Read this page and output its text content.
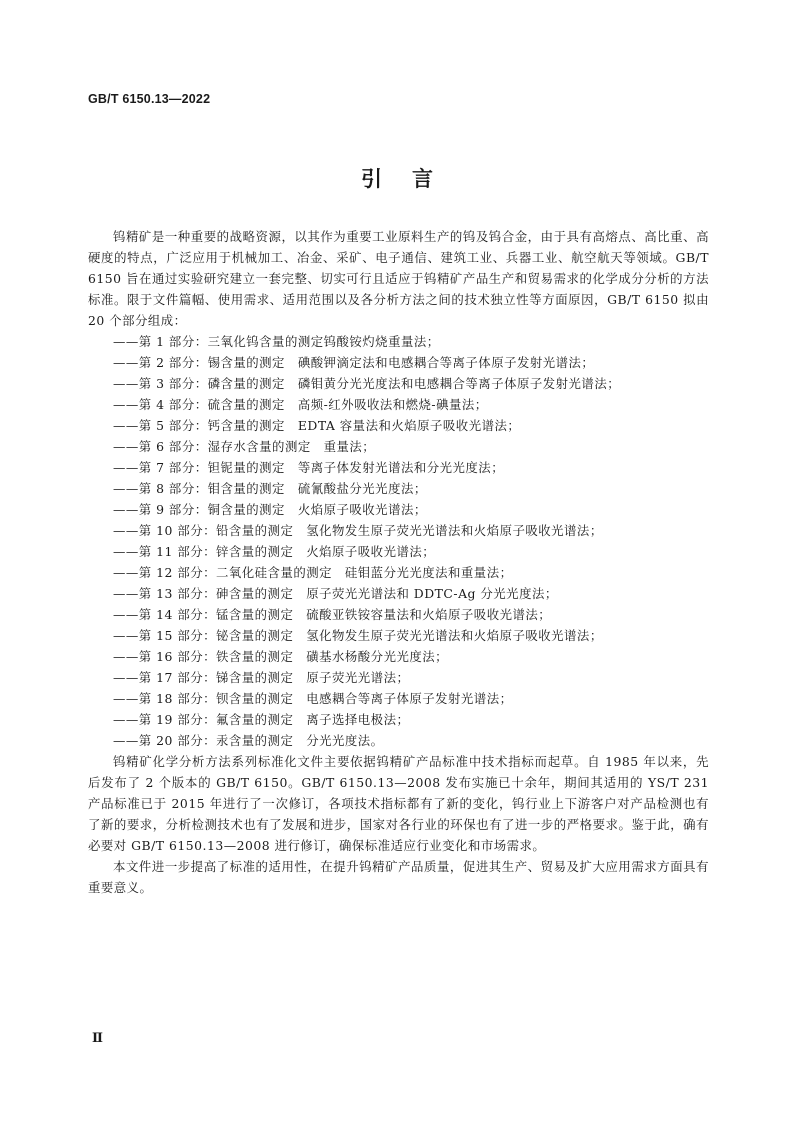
GB/T 6150.13—2022
引言

钨精矿是一种重要的战略资源，以其作为重要工业原料生产的钨及钨合金，由于具有高熔点、高比重、高硬度的特点，广泛应用于机械加工、冶金、采矿、电子通信、建筑工业、兵器工业、航空航天等领域。GB/T 6150 旨在通过实验研究建立一套完整、切实可行且适应于钨精矿产品生产和贸易需求的化学成分分析的方法标准。限于文件篇幅、使用需求、适用范围以及各分析方法之间的技术独立性等方面原因，GB/T 6150 拟由 20 个部分组成：

——第 1 部分：三氧化钨含量的测定钨酸铵灼烧重量法；
——第 2 部分：锡含量的测定　碘酸钾滴定法和电感耦合等离子体原子发射光谱法；
——第 3 部分：磷含量的测定　磷钼黄分光光度法和电感耦合等离子体原子发射光谱法；
——第 4 部分：硫含量的测定　高频-红外吸收法和燃烧-碘量法；
——第 5 部分：钙含量的测定　EDTA 容量法和火焰原子吸收光谱法；
——第 6 部分：湿存水含量的测定　重量法；
——第 7 部分：钽铌量的测定　等离子体发射光谱法和分光光度法；
——第 8 部分：钼含量的测定　硫氰酸盐分光光度法；
——第 9 部分：铜含量的测定　火焰原子吸收光谱法；
——第 10 部分：铅含量的测定　氢化物发生原子荧光光谱法和火焰原子吸收光谱法；
——第 11 部分：锌含量的测定　火焰原子吸收光谱法；
——第 12 部分：二氧化硅含量的测定　硅钼蓝分光光度法和重量法；
——第 13 部分：砷含量的测定　原子荧光光谱法和 DDTC-Ag 分光光度法；
——第 14 部分：锰含量的测定　硫酸亚铁铵容量法和火焰原子吸收光谱法；
——第 15 部分：铋含量的测定　氢化物发生原子荧光光谱法和火焰原子吸收光谱法；
——第 16 部分：铁含量的测定　磺基水杨酸分光光度法；
——第 17 部分：锑含量的测定　原子荧光光谱法；
——第 18 部分：钡含量的测定　电感耦合等离子体原子发射光谱法；
——第 19 部分：氟含量的测定　离子选择电极法；
——第 20 部分：汞含量的测定　分光光度法。

钨精矿化学分析方法系列标准化文件主要依据钨精矿产品标准中技术指标而起草。自 1985 年以来，先后发布了 2 个版本的 GB/T 6150。GB/T 6150.13—2008 发布实施已十余年，期间其适用的 YS/T 231 产品标准已于 2015 年进行了一次修订，各项技术指标都有了新的变化，钨行业上下游客户对产品检测也有了新的要求，分析检测技术也有了发展和进步，国家对各行业的环保也有了进一步的严格要求。鉴于此，确有必要对 GB/T 6150.13—2008 进行修订，确保标准适应行业变化和市场需求。

本文件进一步提高了标准的适用性，在提升钨精矿产品质量，促进其生产、贸易及扩大应用需求方面具有重要意义。

Ⅱ
